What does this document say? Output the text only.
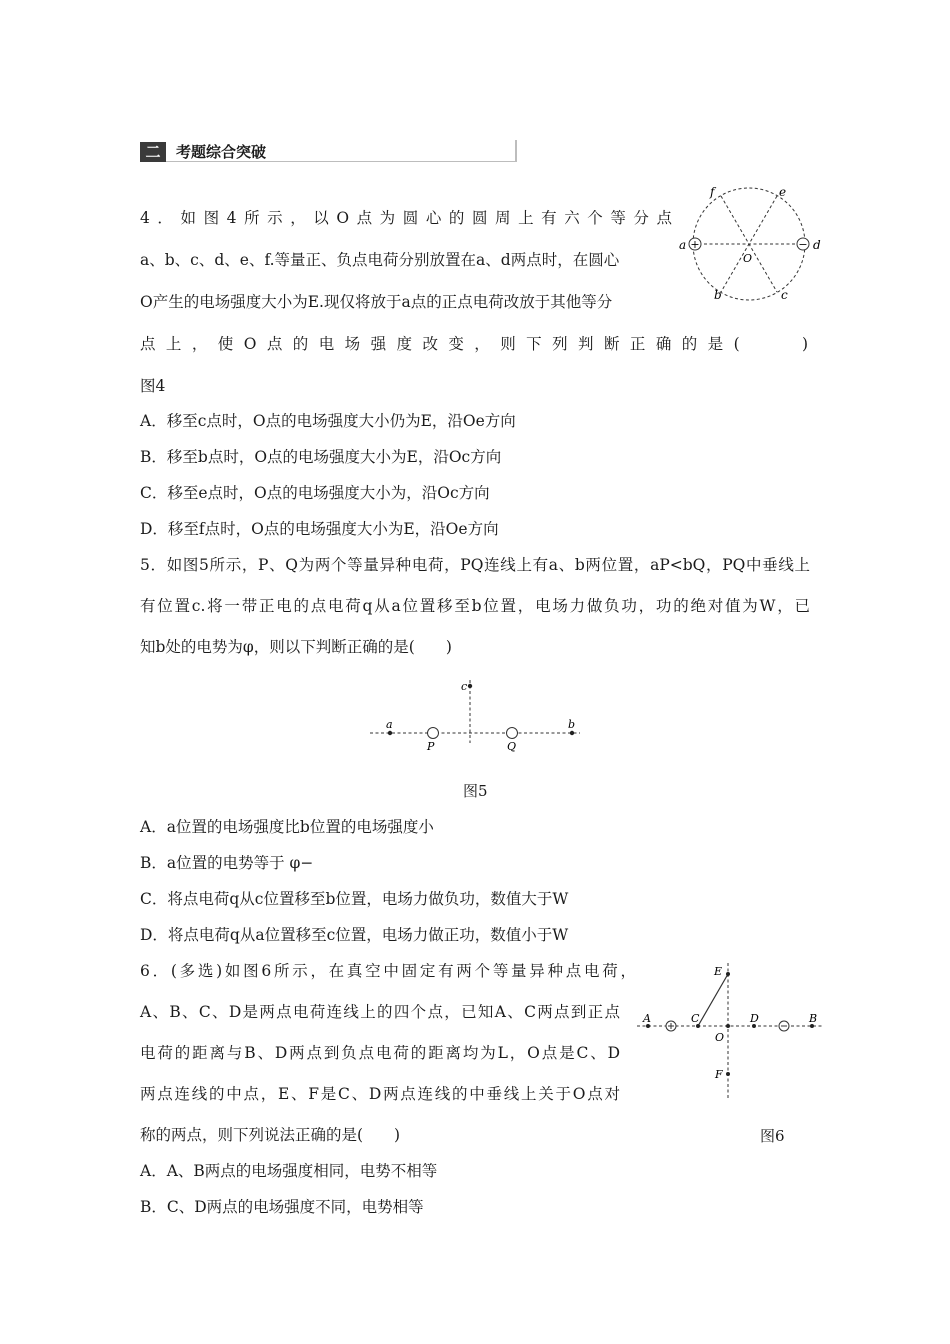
二	考题综合突破
4．如图4所示，以O点为圆心的圆周上有六个等分点
a、b、c、d、e、f.等量正、负点电荷分别放置在a、d两点时，在圆心
O产生的电场强度大小为E.现仅将放于a点的正点电荷改放于其他等分
点上，使O点的电场强度改变，则下列判断正确的是(　　)
图4
+	−
a	d
f	e
b	c
O
A．移至c点时，O点的电场强度大小仍为E，沿Oe方向
B．移至b点时，O点的电场强度大小为E，沿Oc方向
C．移至e点时，O点的电场强度大小为，沿Oc方向
D．移至f点时，O点的电场强度大小为E，沿Oe方向
5．如图5所示，P、Q为两个等量异种电荷，PQ连线上有a、b两位置，aP<bQ，PQ中垂线上
有位置c.将一带正电的点电荷q从a位置移至b位置，电场力做负功，功的绝对值为W，已
知b处的电势为φ，则以下判断正确的是(　　)
a	b
c
P	Q
图5
A．a位置的电场强度比b位置的电场强度小
B．a位置的电势等于 φ−
C．将点电荷q从c位置移至b位置，电场力做负功，数值大于W
D．将点电荷q从a位置移至c位置，电场力做正功，数值小于W
6．(多选)如图6所示，在真空中固定有两个等量异种点电荷，
A、B、C、D是两点电荷连线上的四个点，已知A、C两点到正点
电荷的距离与B、D两点到负点电荷的距离均为L，O点是C、D
两点连线的中点，E、F是C、D两点连线的中垂线上关于O点对
称的两点，则下列说法正确的是(　　)
A	C	D	B
E
F
O
图6
A．A、B两点的电场强度相同，电势不相等
B．C、D两点的电场强度不同，电势相等
